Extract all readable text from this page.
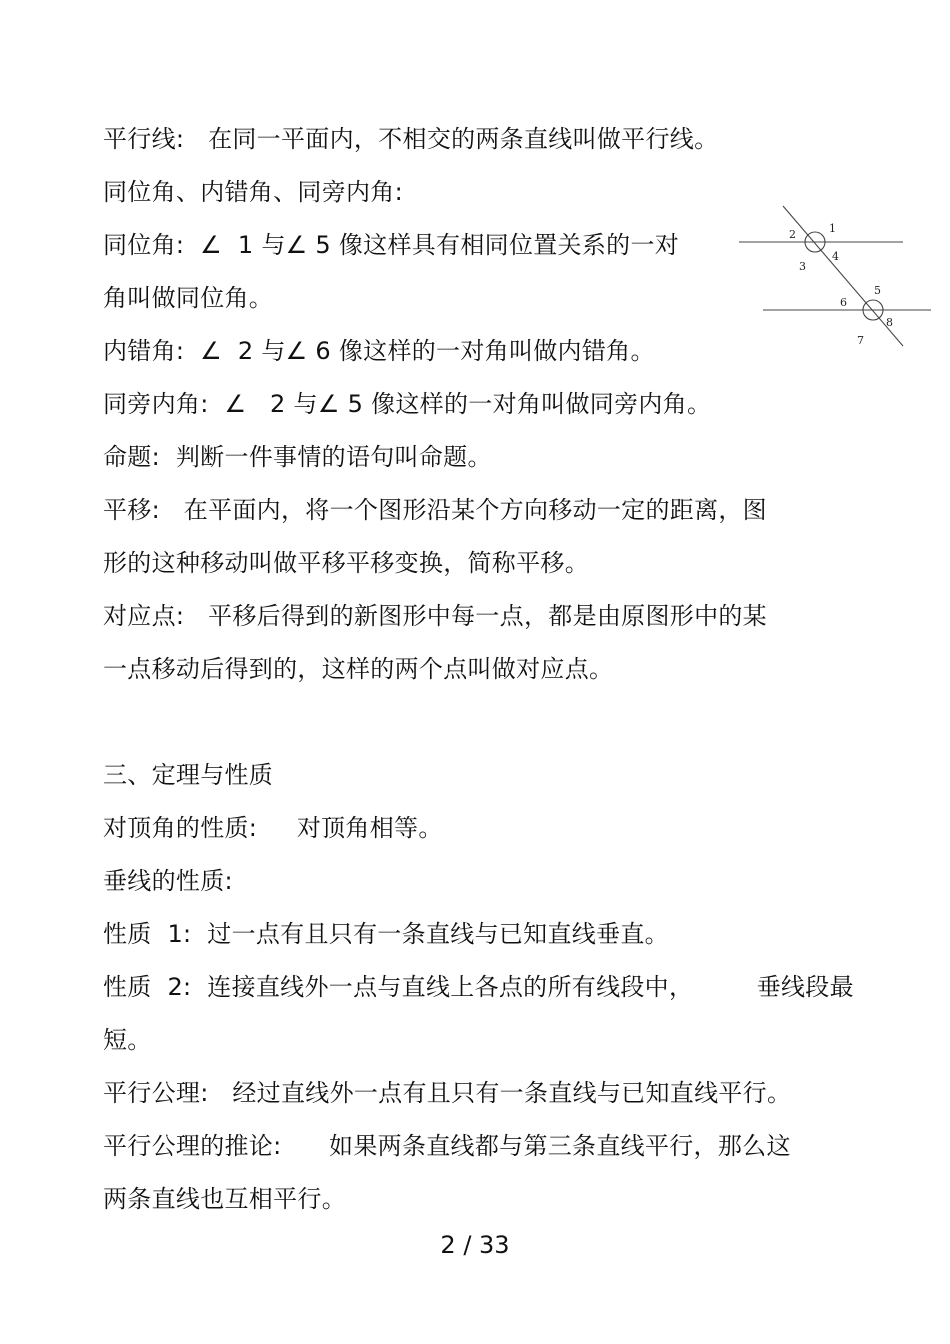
平行线:   在同一平面内，不相交的两条直线叫做平行线。
同位角、内错角、同旁内角:
同位角:  ∠  1 与∠ 5 像这样具有相同位置关系的一对
角叫做同位角。
内错角:  ∠  2 与∠ 6 像这样的一对角叫做内错角。
同旁内角:  ∠   2 与∠ 5 像这样的一对角叫做同旁内角。
命题:  判断一件事情的语句叫命题。
平移:   在平面内，将一个图形沿某个方向移动一定的距离，图
形的这种移动叫做平移平移变换，简称平移。
对应点:   平移后得到的新图形中每一点，都是由原图形中的某
一点移动后得到的，这样的两个点叫做对应点。
三、定理与性质
对顶角的性质:     对顶角相等。
垂线的性质:
性质  1:  过一点有且只有一条直线与已知直线垂直。
性质  2:  连接直线外一点与直线上各点的所有线段中，        垂线段最
短。
平行公理:   经过直线外一点有且只有一条直线与已知直线平行。
平行公理的推论:      如果两条直线都与第三条直线平行，那么这
两条直线也互相平行。
1
2
3
4
5
6
7
8
2 / 33
